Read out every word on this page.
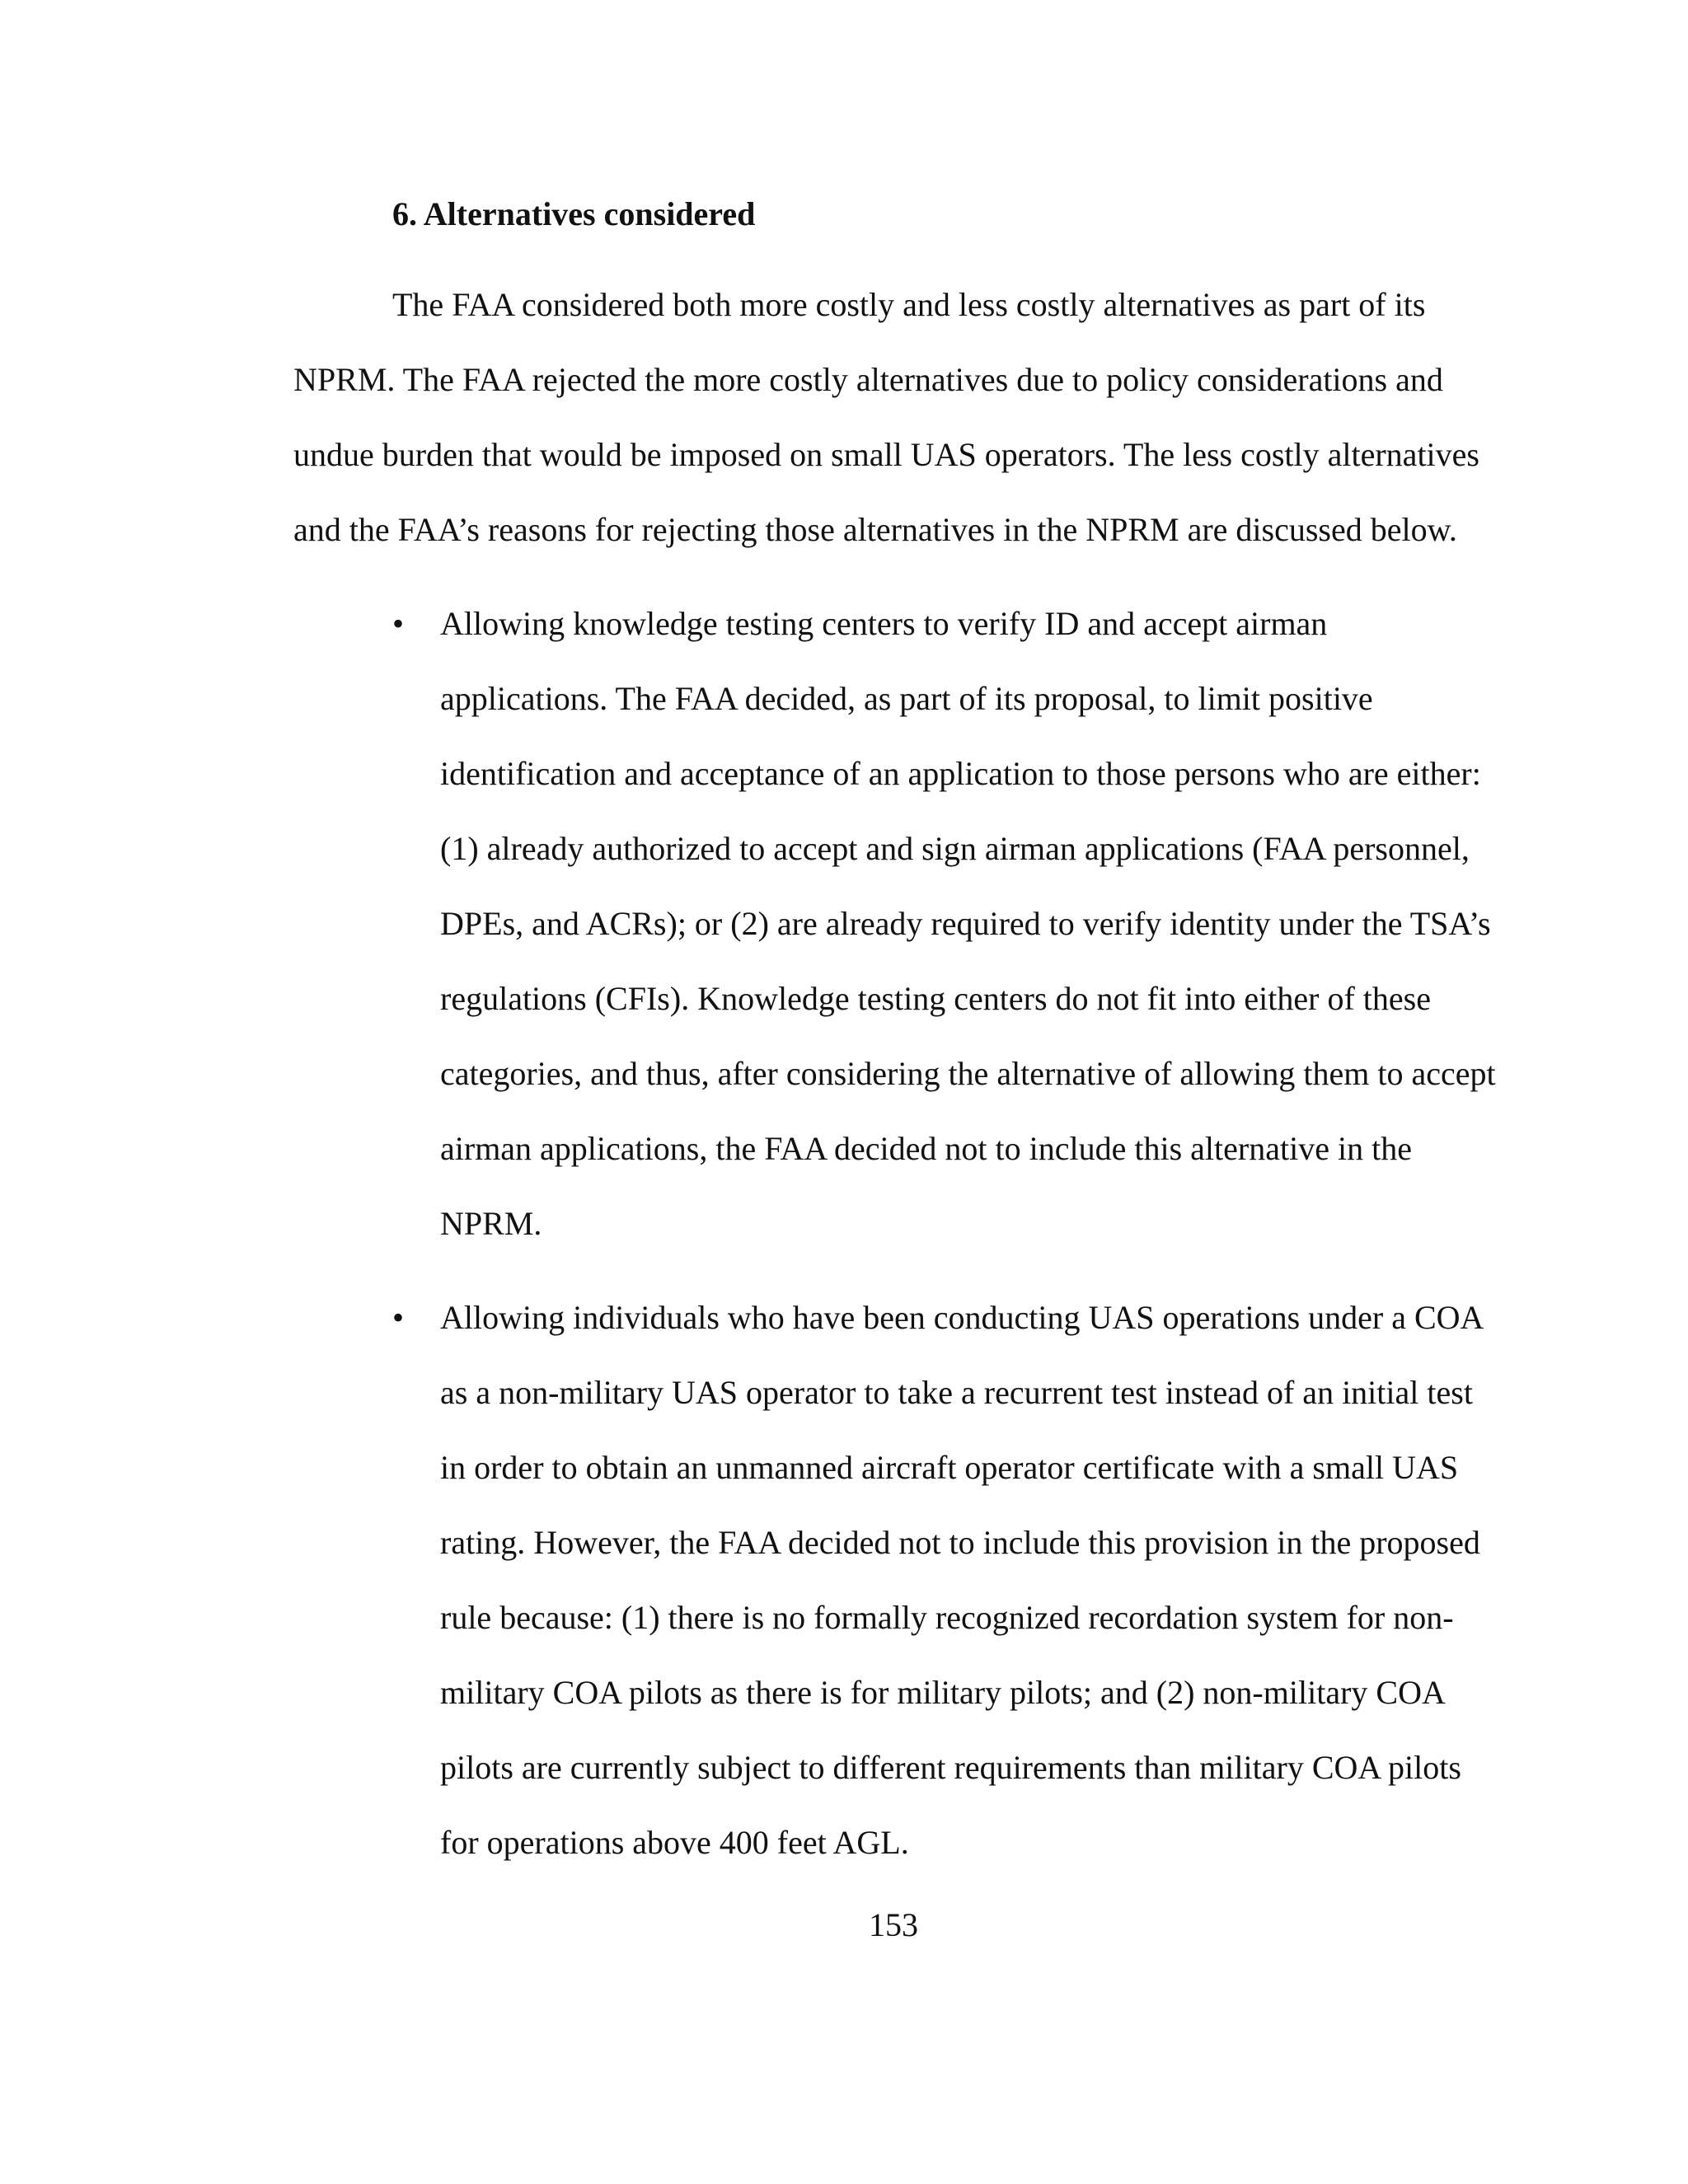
6. Alternatives considered
The FAA considered both more costly and less costly alternatives as part of its
NPRM. The FAA rejected the more costly alternatives due to policy considerations and
undue burden that would be imposed on small UAS operators. The less costly alternatives
and the FAA’s reasons for rejecting those alternatives in the NPRM are discussed below.
• Allowing knowledge testing centers to verify ID and accept airman
applications. The FAA decided, as part of its proposal, to limit positive
identification and acceptance of an application to those persons who are either:
(1) already authorized to accept and sign airman applications (FAA personnel,
DPEs, and ACRs); or (2) are already required to verify identity under the TSA’s
regulations (CFIs). Knowledge testing centers do not fit into either of these
categories, and thus, after considering the alternative of allowing them to accept
airman applications, the FAA decided not to include this alternative in the
NPRM.
• Allowing individuals who have been conducting UAS operations under a COA
as a non-military UAS operator to take a recurrent test instead of an initial test
in order to obtain an unmanned aircraft operator certificate with a small UAS
rating. However, the FAA decided not to include this provision in the proposed
rule because: (1) there is no formally recognized recordation system for non-
military COA pilots as there is for military pilots; and (2) non-military COA
pilots are currently subject to different requirements than military COA pilots
for operations above 400 feet AGL.
153
